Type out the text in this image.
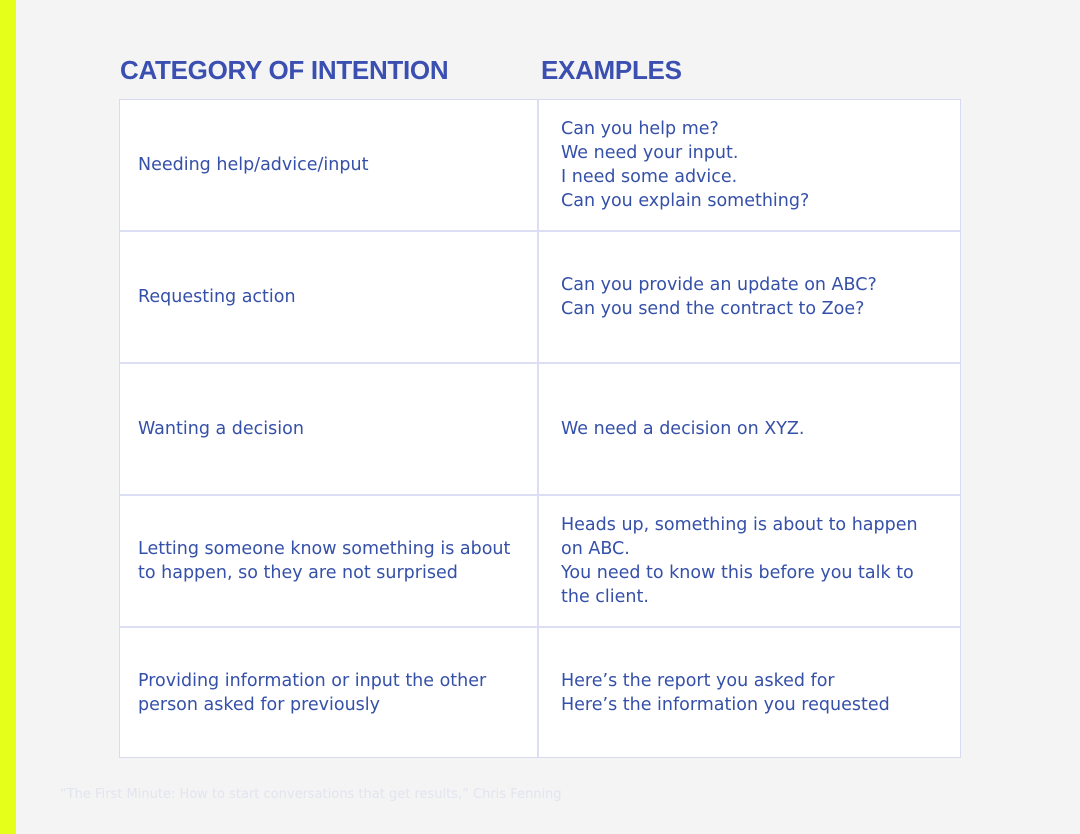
CATEGORY OF INTENTION	EXAMPLES
Needing help/advice/input
Can you help me?
We need your input.
I need some advice.
Can you explain something?
Requesting action
Can you provide an update on ABC?
Can you send the contract to Zoe?
Wanting a decision	We need a decision on XYZ.
Letting someone know something is about to happen, so they are not surprised
Heads up, something is about to happen on ABC.
You need to know this before you talk to the client.
Providing information or input the other person asked for previously
Here’s the report you asked for
Here’s the information you requested
“The First Minute: How to start conversations that get results,” Chris Fenning
